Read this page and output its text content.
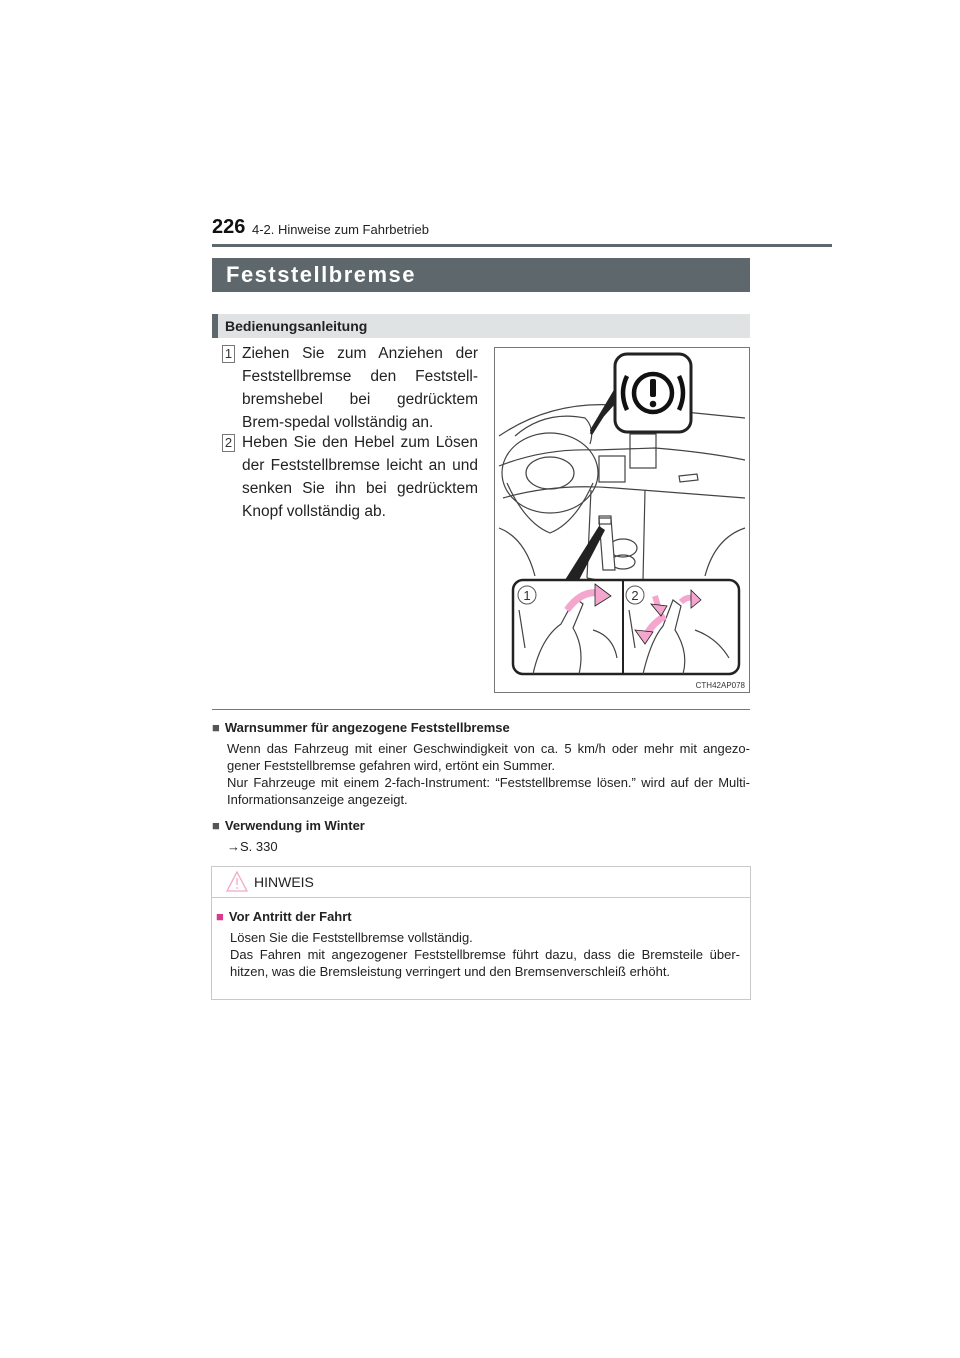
226 4-2. Hinweise zum Fahrbetrieb
Feststellbremse
Bedienungsanleitung
1 Ziehen Sie zum Anziehen der Feststellbremse den Feststell-bremshebel bei gedrücktem Brem-spedal vollständig an.
2 Heben Sie den Hebel zum Lösen der Feststellbremse leicht an und senken Sie ihn bei gedrücktem Knopf vollständig ab.
1	2
CTH42AP078
■ Warnsummer für angezogene Feststellbremse
Wenn das Fahrzeug mit einer Geschwindigkeit von ca. 5 km/h oder mehr mit angezo-gener Feststellbremse gefahren wird, ertönt ein Summer.
Nur Fahrzeuge mit einem 2-fach-Instrument: “Feststellbremse lösen.” wird auf der Multi-Informationsanzeige angezeigt.
■ Verwendung im Winter
→S. 330
HINWEIS
■ Vor Antritt der Fahrt
Lösen Sie die Feststellbremse vollständig.
Das Fahren mit angezogener Feststellbremse führt dazu, dass die Bremsteile über-hitzen, was die Bremsleistung verringert und den Bremsenverschleiß erhöht.
